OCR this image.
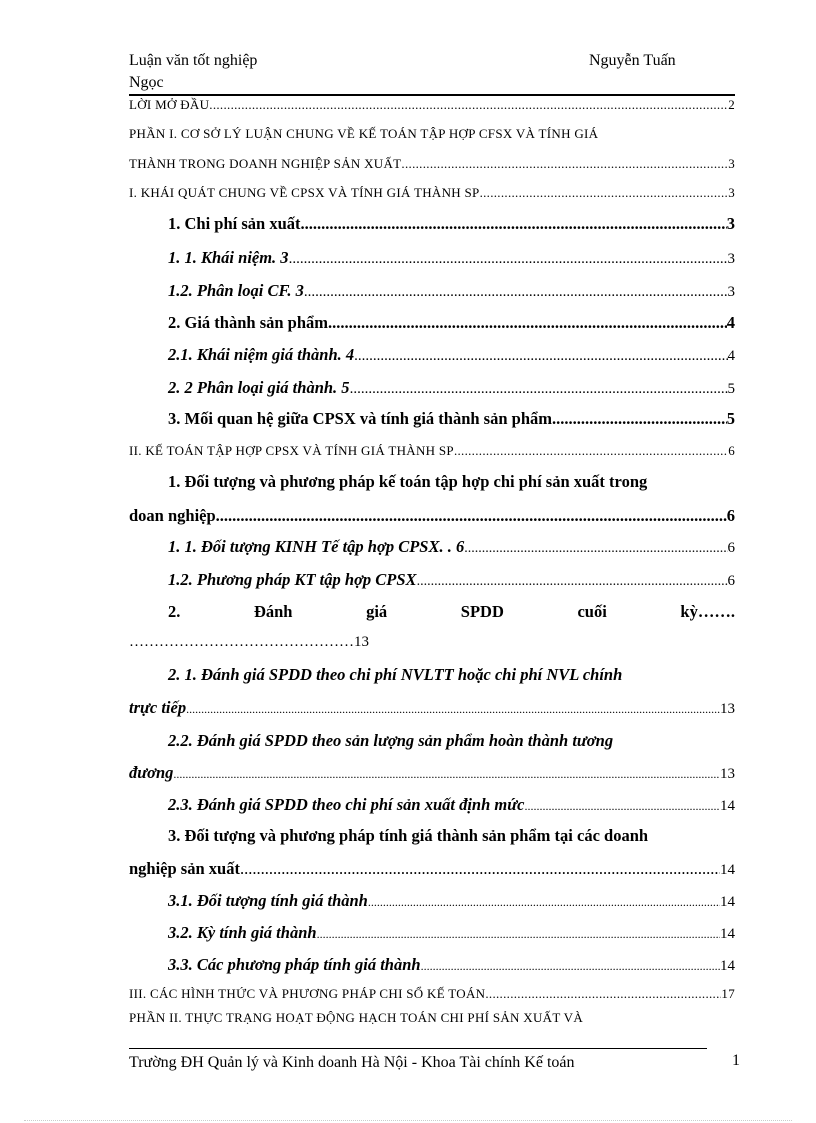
Luận văn tốt nghiệp	Nguyễn Tuấn
Ngọc
LỜI MỞ ĐẦU .....	2
PHẦN I. CƠ SỞ LÝ LUẬN CHUNG VỀ KẾ TOÁN TẬP HỢP CFSX VÀ TÍNH GIÁ
THÀNH TRONG DOANH NGHIỆP SẢN XUẤT .....	3
I. KHÁI QUÁT CHUNG VỀ CPSX VÀ TÍNH GIÁ THÀNH SP .....	3
1. Chi phí sản xuất .....	3
1. 1. Khái niệm. 3 .....	3
1.2. Phân loại CF. 3 .....	3
2. Giá thành sản phẩm .....	4
2.1. Khái niệm giá thành. 4 .....	4
2. 2 Phân loại giá thành. 5 .....	5
3. Mối quan hệ giữa CPSX và tính giá thành sản phẩm .....	5
II. KẾ TOÁN TẬP HỢP CPSX VÀ TÍNH GIÁ THÀNH SP .....	6
1. Đối tượng và phương pháp kế toán tập hợp chi phí sản xuất trong
doan nghiệp .....	6
1. 1. Đối tượng KINH Tế tập hợp CPSX. . 6 .....	6
1.2. Phương pháp KT tập hợp CPSX .....	6
2.	Đánh	giá	SPDD	cuối	kỳ…….
………………………………………13
2. 1. Đánh giá SPDD theo chi phí NVLTT hoặc chi phí NVL chính
trực tiếp .....	13
2.2. Đánh giá SPDD theo sản lượng sản phẩm hoàn thành tương
đương .....	13
2.3. Đánh giá SPDD theo chi phí sản xuất định mức .....	14
3. Đối tượng và phương pháp tính giá thành sản phẩm tại các doanh
nghiệp sản xuất .....	14
3.1. Đối tượng tính giá thành .....	14
3.2. Kỳ tính giá thành .....	14
3.3. Các phương pháp tính giá thành .....	14
III. CÁC HÌNH THỨC VÀ PHƯƠNG PHÁP CHI SỔ KẾ TOÁN .....	17
PHẦN II. THỰC TRẠNG HOẠT ĐỘNG HẠCH TOÁN CHI PHÍ SẢN XUẤT VÀ
Trường ĐH Quản lý và Kinh doanh Hà Nội - Khoa Tài chính Kế toán	1
